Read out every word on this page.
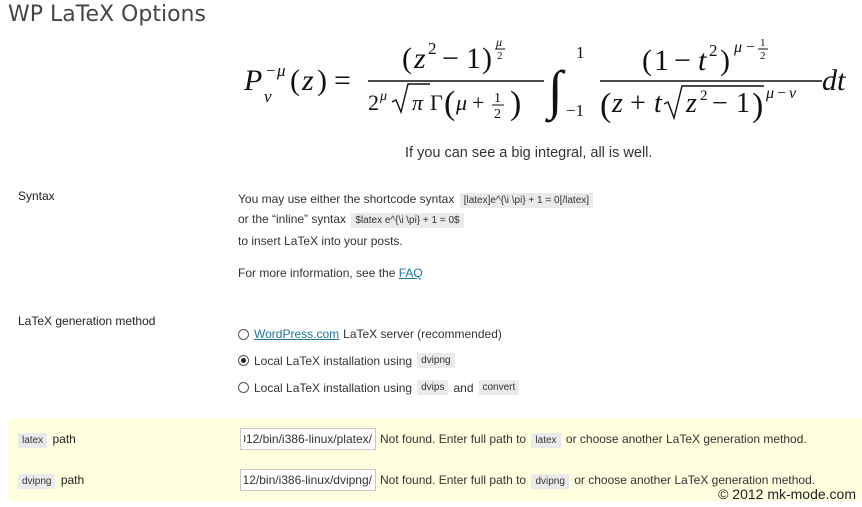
WP LaTeX Options
P − μ
ν ( z ) =
( z 2 − 1 ) μ
2
2 μ π Γ ( μ + 1
2 ) ∫
1
−1
( 1 − t 2 ) μ − 1
2
( z + t z 2 − 1 ) μ − ν dt
If you can see a big integral, all is well.
Syntax	You may use either the shortcode syntax [latex]e^{\i \pi} + 1 = 0[/latex]
or the “inline” syntax $latex e^{\i \pi} + 1 = 0$
to insert LaTeX into your posts.
For more information, see the FAQ
LaTeX generation method
WordPress.com LaTeX server (recommended)
Local LaTeX installation using dvipng
Local LaTeX installation using dvips and convert
latex path
/usr/local/texlive/2012/bin/i386-linux/platex	Not found. Enter full path to latex or choose another LaTeX generation method.
dvipng path
/usr/local/texlive/2012/bin/i386-linux/dvipng	Not found. Enter full path to dvipng or choose another LaTeX generation method.
© 2012 mk-mode.com
